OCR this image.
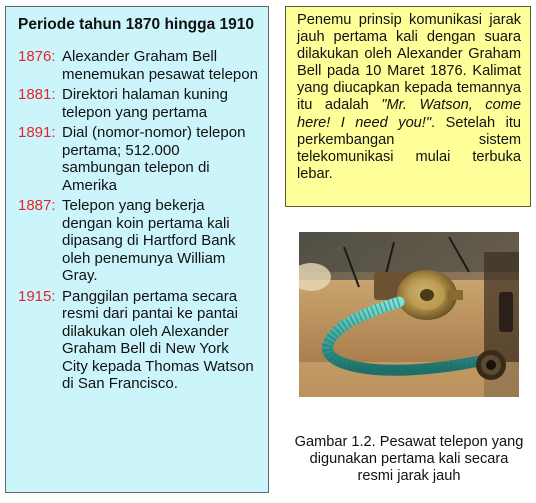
Periode tahun 1870 hingga 1910
1876: Alexander Graham Bell menemukan pesawat telepon
1881: Direktori halaman kuning telepon yang pertama
1891: Dial (nomor-nomor) telepon pertama; 512.000 sambungan telepon di Amerika
1887: Telepon yang bekerja dengan koin pertama kali dipasang di Hartford Bank oleh penemunya William Gray.
1915: Panggilan pertama secara resmi dari pantai ke pantai dilakukan oleh Alexander Graham Bell di New York City kepada Thomas Watson di San Francisco.
Penemu prinsip komunikasi jarak jauh pertama kali dengan suara dilakukan oleh Alexander Graham Bell pada 10 Maret 1876. Kalimat yang diucapkan kepada temannya itu adalah "Mr. Watson, come here! I need you!". Setelah itu perkembangan sistem telekomunikasi mulai terbuka lebar.
Gambar 1.2. Pesawat telepon yang digunakan pertama kali secara resmi jarak jauh
